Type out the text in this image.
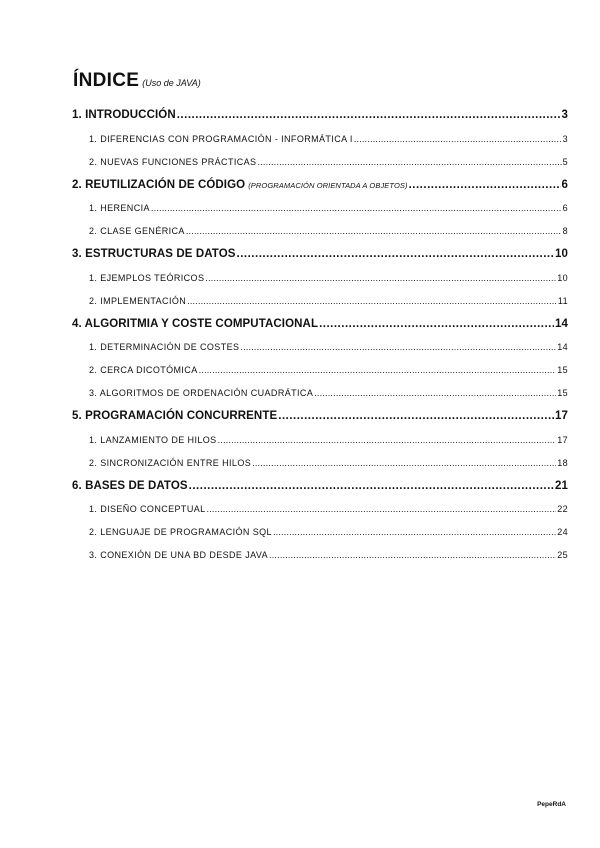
ÍNDICE (Uso de JAVA)
1. INTRODUCCIÓN .....	3
1. DIFERENCIAS CON PROGRAMACIÓN - INFORMÁTICA I .....	3
2. NUEVAS FUNCIONES PRÁCTICAS .....	5
2. REUTILIZACIÓN DE CÓDIGO (PROGRAMACIÓN ORIENTADA A OBJETOS) .....	6
1. HERENCIA .....	6
2. CLASE GENÉRICA .....	8
3. ESTRUCTURAS DE DATOS .....	10
1. EJEMPLOS TEÓRICOS .....	10
2. IMPLEMENTACIÓN .....	11
4. ALGORITMIA Y COSTE COMPUTACIONAL .....	14
1. DETERMINACIÓN DE COSTES .....	14
2. CERCA DICOTÓMICA .....	15
3. ALGORITMOS DE ORDENACIÓN CUADRÁTICA .....	15
5. PROGRAMACIÓN CONCURRENTE .....	17
1. LANZAMIENTO DE HILOS .....	17
2. SINCRONIZACIÓN ENTRE HILOS .....	18
6. BASES DE DATOS .....	21
1. DISEÑO CONCEPTUAL .....	22
2. LENGUAJE DE PROGRAMACIÓN SQL .....	24
3. CONEXIÓN DE UNA BD DESDE JAVA .....	25
PepeRdA
